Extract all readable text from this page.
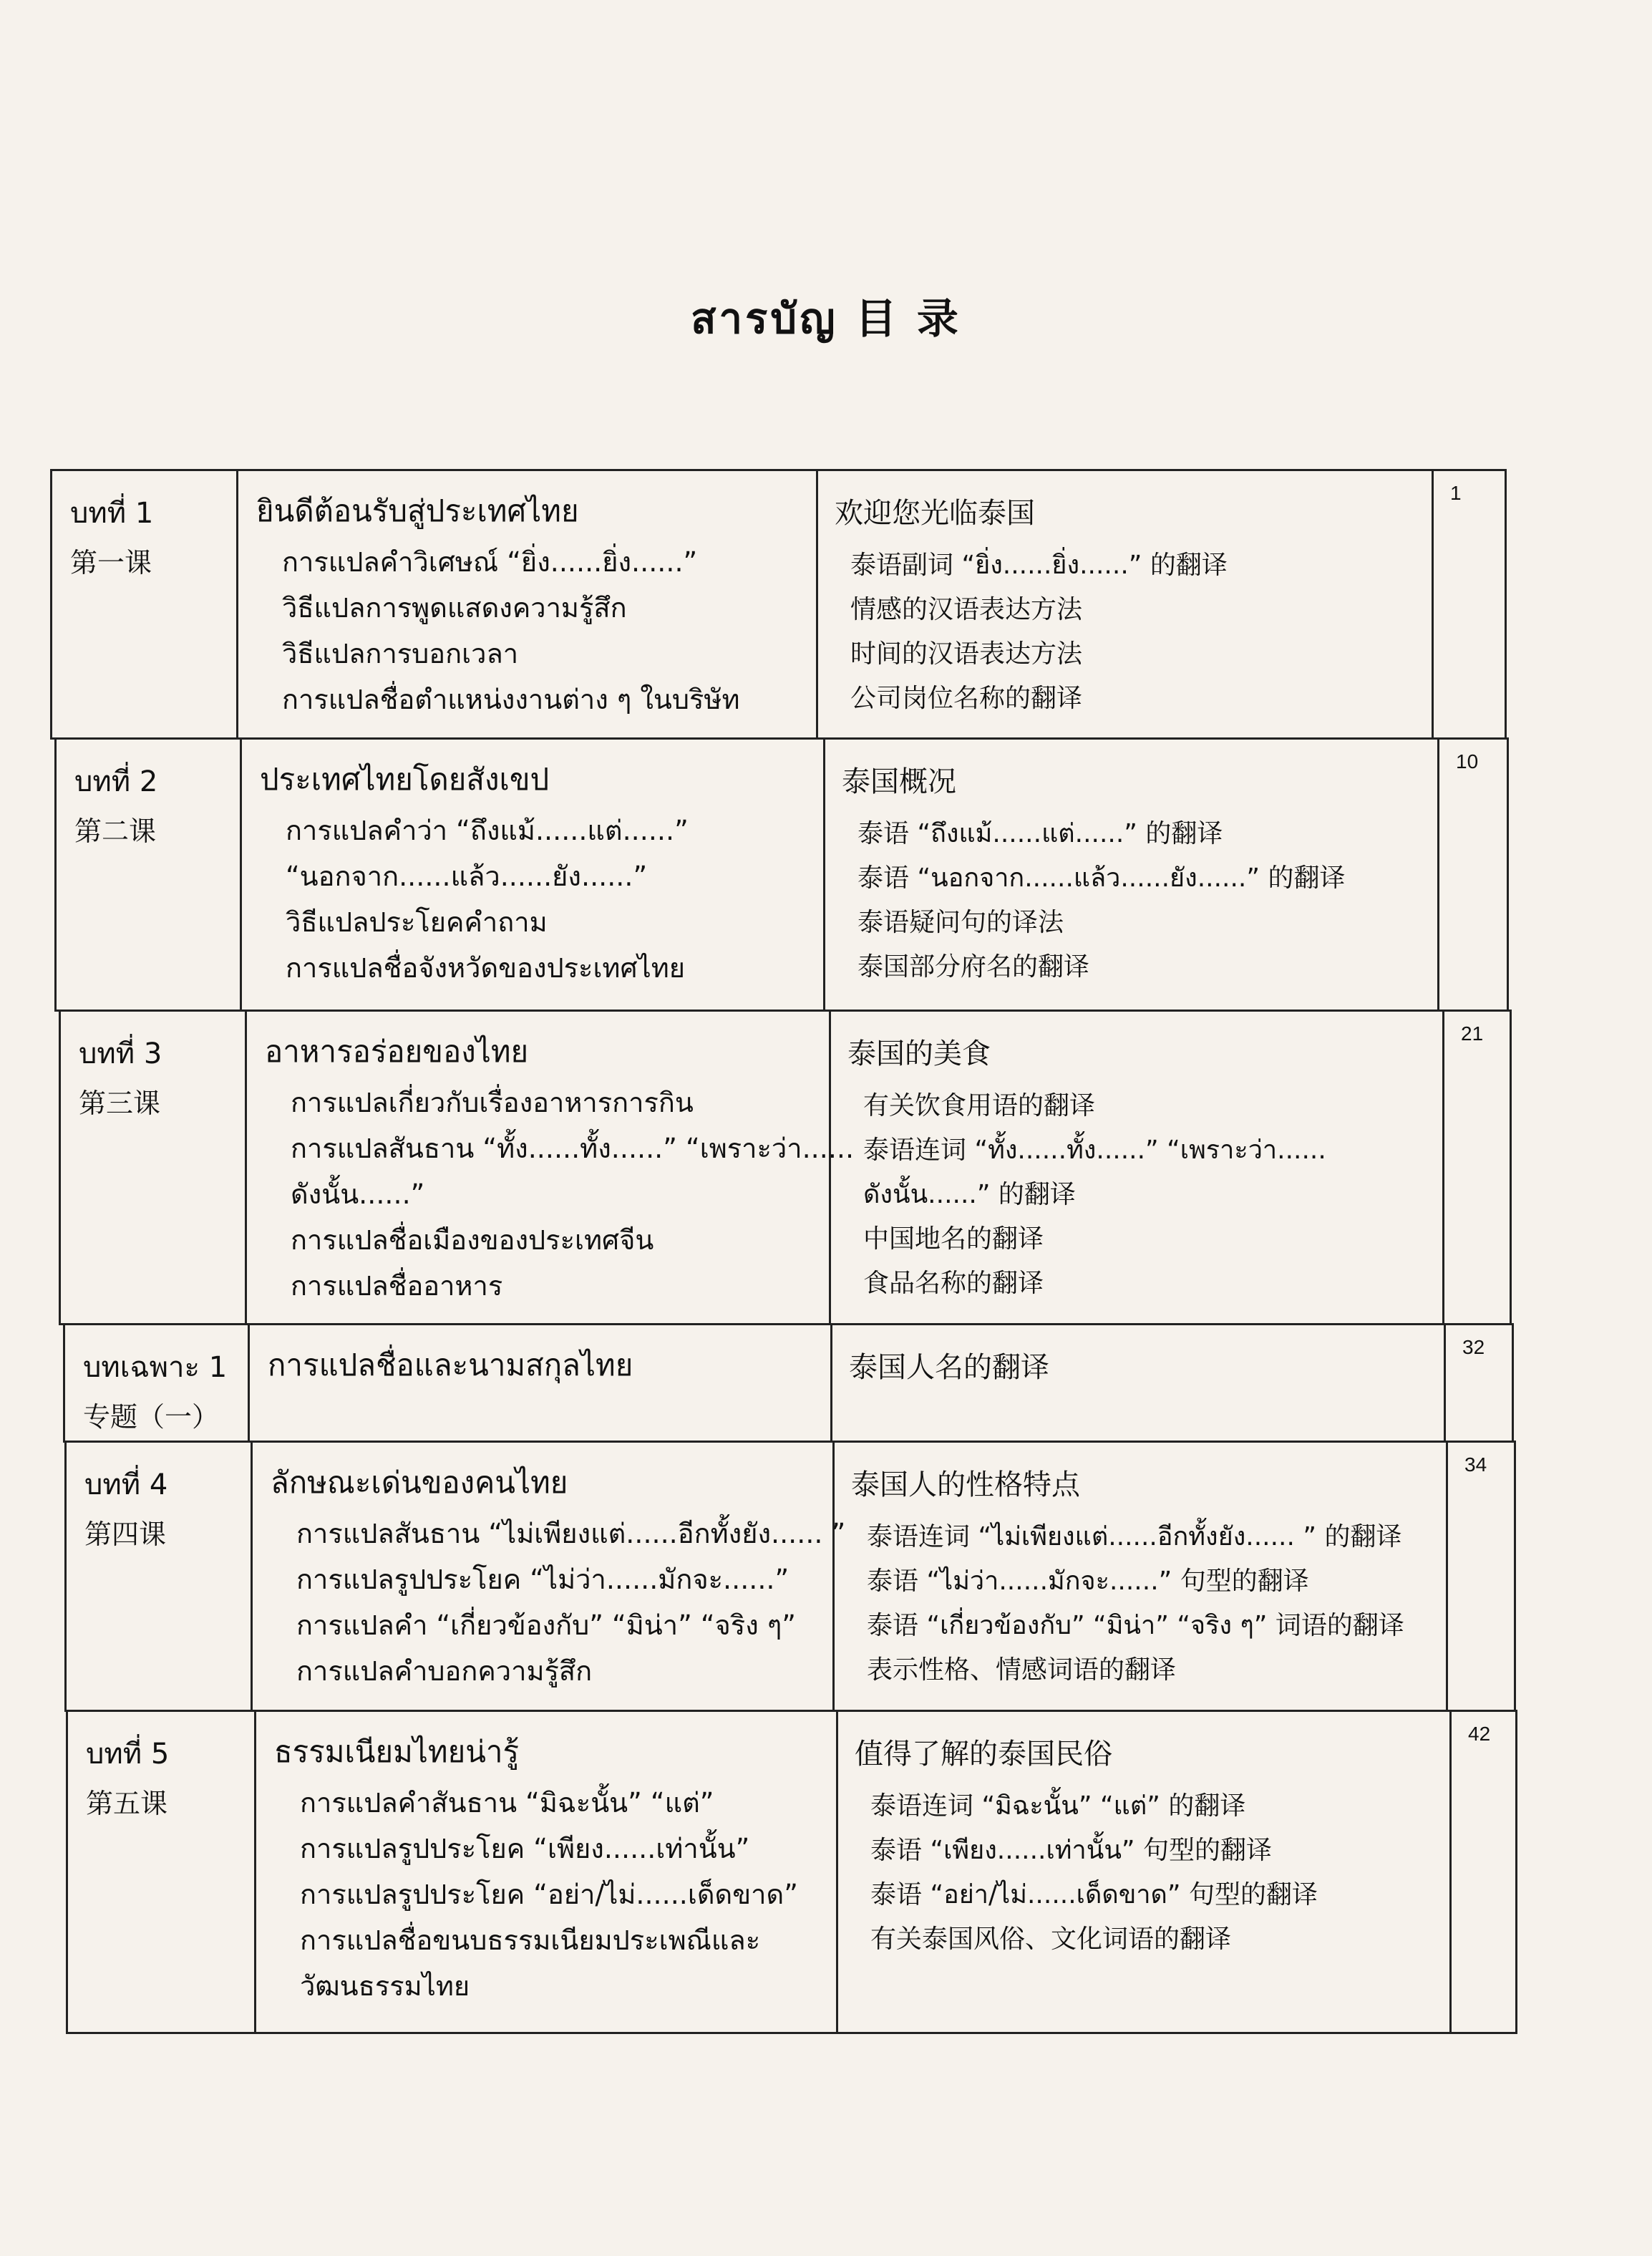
สารบัญ 目 录
บทที่ 1
第一课
ยินดีต้อนรับสู่ประเทศไทย
การแปลคำวิเศษณ์ “ยิ่ง......ยิ่ง......”
วิธีแปลการพูดแสดงความรู้สึก
วิธีแปลการบอกเวลา
การแปลชื่อตำแหน่งงานต่าง ๆ ในบริษัท
欢迎您光临泰国
泰语副词 “ยิ่ง......ยิ่ง......” 的翻译
情感的汉语表达方法
时间的汉语表达方法
公司岗位名称的翻译
1
บทที่ 2
第二课
ประเทศไทยโดยสังเขป
การแปลคำว่า “ถึงแม้......แต่......”
“นอกจาก......แล้ว......ยัง......”
วิธีแปลประโยคคำถาม
การแปลชื่อจังหวัดของประเทศไทย
泰国概况
泰语 “ถึงแม้......แต่......” 的翻译
泰语 “นอกจาก......แล้ว......ยัง......” 的翻译
泰语疑问句的译法
泰国部分府名的翻译
10
บทที่ 3
第三课
อาหารอร่อยของไทย
การแปลเกี่ยวกับเรื่องอาหารการกิน
การแปลสันธาน “ทั้ง......ทั้ง......” “เพราะว่า......
ดังนั้น......”
การแปลชื่อเมืองของประเทศจีน
การแปลชื่ออาหาร
泰国的美食
有关饮食用语的翻译
泰语连词 “ทั้ง......ทั้ง......” “เพราะว่า......
ดังนั้น......” 的翻译
中国地名的翻译
食品名称的翻译
21
บทเฉพาะ 1
专题（一）
การแปลชื่อและนามสกุลไทย	泰国人名的翻译
32
บทที่ 4
第四课
ลักษณะเด่นของคนไทย
การแปลสันธาน “ไม่เพียงแต่......อีกทั้งยัง...... ”
การแปลรูปประโยค “ไม่ว่า......มักจะ......”
การแปลคำ “เกี่ยวข้องกับ” “มิน่า” “จริง ๆ”
การแปลคำบอกความรู้สึก
泰国人的性格特点
泰语连词 “ไม่เพียงแต่......อีกทั้งยัง...... ” 的翻译
泰语 “ไม่ว่า......มักจะ......” 句型的翻译
泰语 “เกี่ยวข้องกับ” “มิน่า” “จริง ๆ” 词语的翻译
表示性格、情感词语的翻译
34
บทที่ 5
第五课
ธรรมเนียมไทยน่ารู้
การแปลคำสันธาน “มิฉะนั้น” “แต่”
การแปลรูปประโยค “เพียง......เท่านั้น”
การแปลรูปประโยค “อย่า/ไม่......เด็ดขาด”
การแปลชื่อขนบธรรมเนียมประเพณีและ
วัฒนธรรมไทย
值得了解的泰国民俗
泰语连词 “มิฉะนั้น” “แต่” 的翻译
泰语 “เพียง......เท่านั้น” 句型的翻译
泰语 “อย่า/ไม่......เด็ดขาด” 句型的翻译
有关泰国风俗、文化词语的翻译
42
